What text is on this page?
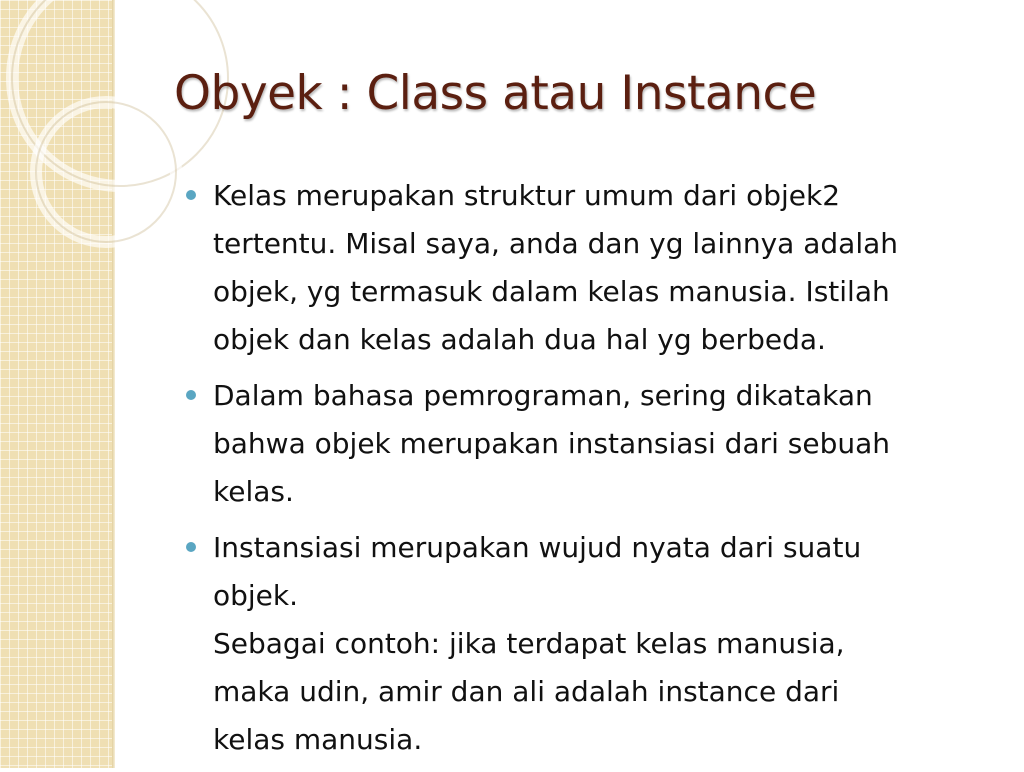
Obyek : Class atau Instance
Kelas merupakan struktur umum dari objek2
tertentu. Misal saya, anda dan yg lainnya adalah
objek, yg termasuk dalam kelas manusia. Istilah
objek dan kelas adalah dua hal yg berbeda.
Dalam bahasa pemrograman, sering dikatakan
bahwa objek merupakan instansiasi dari sebuah
kelas.
Instansiasi merupakan wujud nyata dari suatu
objek.
Sebagai contoh: jika terdapat kelas manusia,
maka udin, amir dan ali adalah instance dari
kelas manusia.
